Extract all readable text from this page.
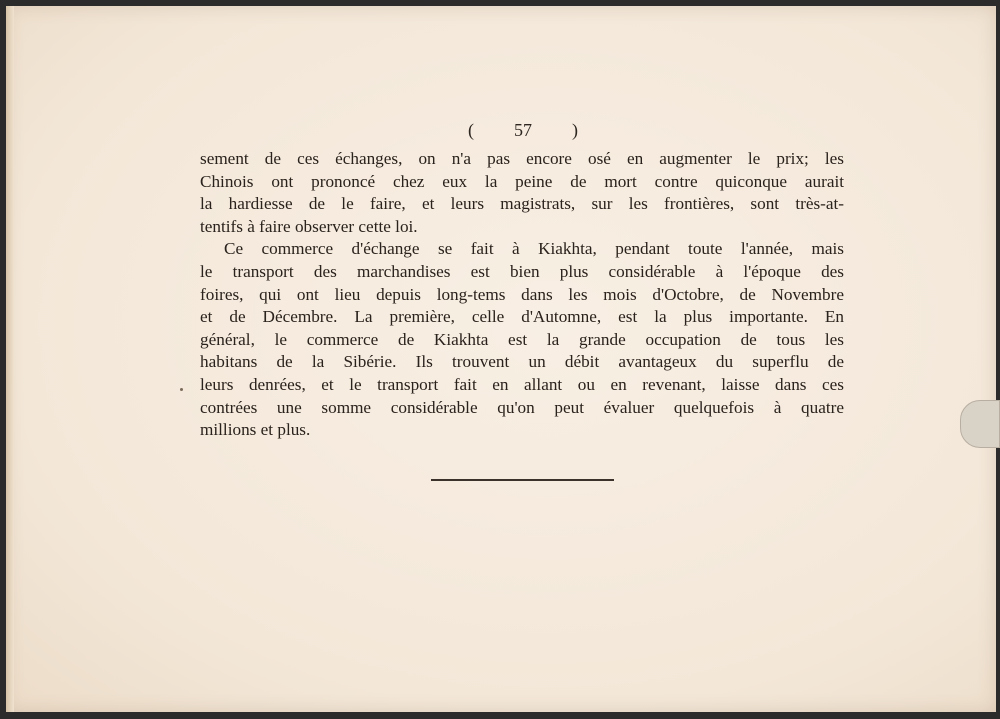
( 57 )
sement de ces échanges, on n'a pas encore osé en augmenter le prix; les
Chinois ont prononcé chez eux la peine de mort contre quiconque aurait
la hardiesse de le faire, et leurs magistrats, sur les frontières, sont très-at-
tentifs à faire observer cette loi.
Ce commerce d'échange se fait à Kiakhta, pendant toute l'année, mais
le transport des marchandises est bien plus considérable à l'époque des
foires, qui ont lieu depuis long-tems dans les mois d'Octobre, de Novembre
et de Décembre. La première, celle d'Automne, est la plus importante. En
général, le commerce de Kiakhta est la grande occupation de tous les
habitans de la Sibérie. Ils trouvent un débit avantageux du superflu de
leurs denrées, et le transport fait en allant ou en revenant, laisse dans ces
contrées une somme considérable qu'on peut évaluer quelquefois à quatre
millions et plus.
